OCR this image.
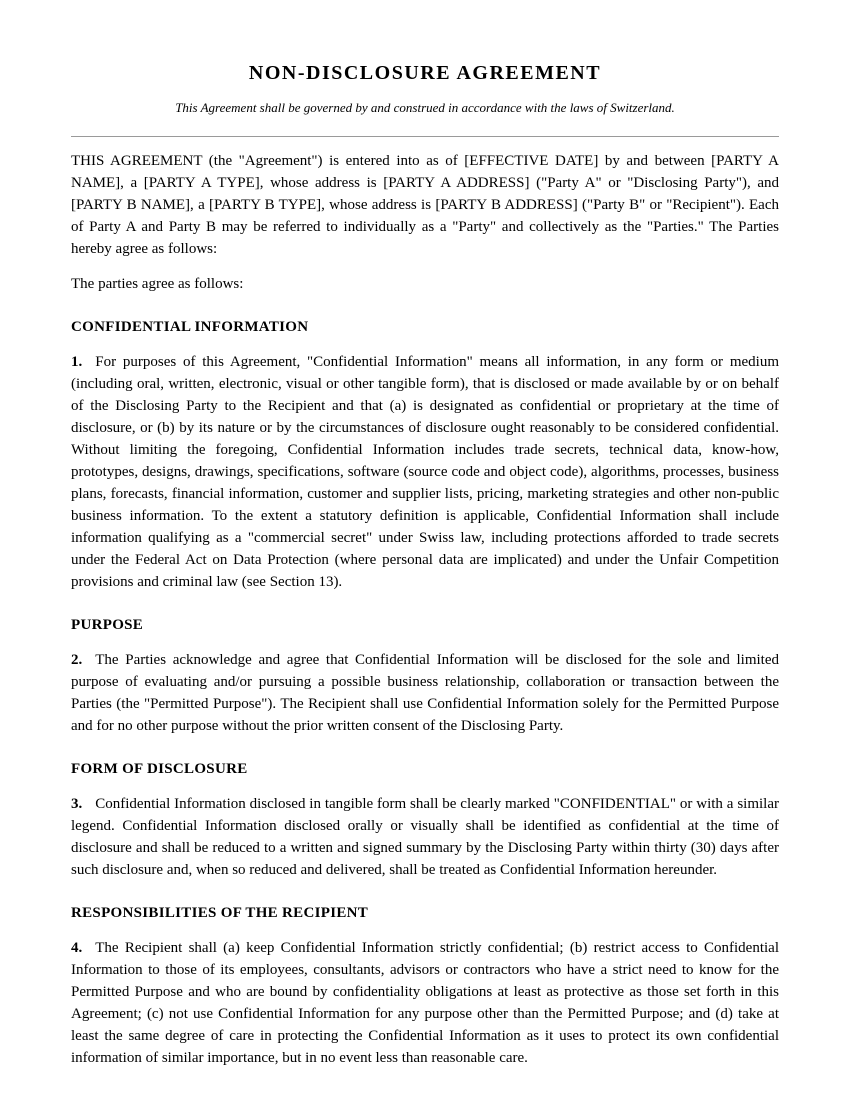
NON-DISCLOSURE AGREEMENT

This Agreement shall be governed by and construed in accordance with the laws of Switzerland.

THIS AGREEMENT (the "Agreement") is entered into as of [EFFECTIVE DATE] by and between [PARTY A NAME], a [PARTY A TYPE], whose address is [PARTY A ADDRESS] ("Party A" or "Disclosing Party"), and [PARTY B NAME], a [PARTY B TYPE], whose address is [PARTY B ADDRESS] ("Party B" or "Recipient"). Each of Party A and Party B may be referred to individually as a "Party" and collectively as the "Parties." The Parties hereby agree as follows:

The parties agree as follows:

CONFIDENTIAL INFORMATION

1. For purposes of this Agreement, "Confidential Information" means all information, in any form or medium (including oral, written, electronic, visual or other tangible form), that is disclosed or made available by or on behalf of the Disclosing Party to the Recipient and that (a) is designated as confidential or proprietary at the time of disclosure, or (b) by its nature or by the circumstances of disclosure ought reasonably to be considered confidential. Without limiting the foregoing, Confidential Information includes trade secrets, technical data, know-how, prototypes, designs, drawings, specifications, software (source code and object code), algorithms, processes, business plans, forecasts, financial information, customer and supplier lists, pricing, marketing strategies and other non-public business information. To the extent a statutory definition is applicable, Confidential Information shall include information qualifying as a "commercial secret" under Swiss law, including protections afforded to trade secrets under the Federal Act on Data Protection (where personal data are implicated) and under the Unfair Competition provisions and criminal law (see Section 13).

PURPOSE

2. The Parties acknowledge and agree that Confidential Information will be disclosed for the sole and limited purpose of evaluating and/or pursuing a possible business relationship, collaboration or transaction between the Parties (the "Permitted Purpose"). The Recipient shall use Confidential Information solely for the Permitted Purpose and for no other purpose without the prior written consent of the Disclosing Party.

FORM OF DISCLOSURE

3. Confidential Information disclosed in tangible form shall be clearly marked "CONFIDENTIAL" or with a similar legend. Confidential Information disclosed orally or visually shall be identified as confidential at the time of disclosure and shall be reduced to a written and signed summary by the Disclosing Party within thirty (30) days after such disclosure and, when so reduced and delivered, shall be treated as Confidential Information hereunder.

RESPONSIBILITIES OF THE RECIPIENT

4. The Recipient shall (a) keep Confidential Information strictly confidential; (b) restrict access to Confidential Information to those of its employees, consultants, advisors or contractors who have a strict need to know for the Permitted Purpose and who are bound by confidentiality obligations at least as protective as those set forth in this Agreement; (c) not use Confidential Information for any purpose other than the Permitted Purpose; and (d) take at least the same degree of care in protecting the Confidential Information as it uses to protect its own confidential information of similar importance, but in no event less than reasonable care.
